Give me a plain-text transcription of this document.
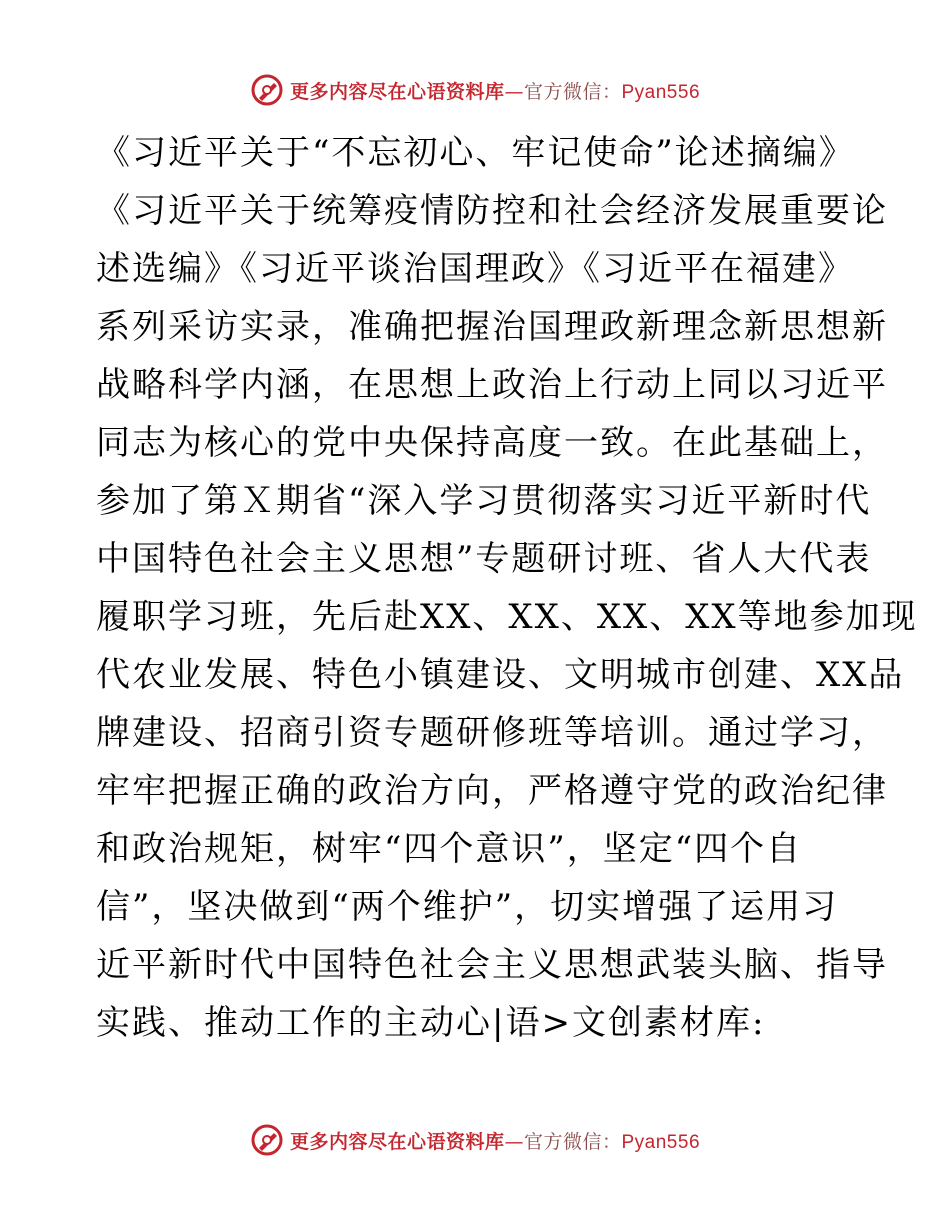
更多内容尽在心语资料库—官方微信：Pyan556
《习近平关于“不忘初心、牢记使命”论述摘编》
《习近平关于统筹疫情防控和社会经济发展重要论
述选编》《习近平谈治国理政》《习近平在福建》
系列采访实录，准确把握治国理政新理念新思想新
战略科学内涵，在思想上政治上行动上同以习近平
同志为核心的党中央保持高度一致。在此基础上，
参加了第Ｘ期省“深入学习贯彻落实习近平新时代
中国特色社会主义思想”专题研讨班、省人大代表
履职学习班，先后赴XX、XX、XX、XX等地参加现
代农业发展、特色小镇建设、文明城市创建、XX品
牌建设、招商引资专题研修班等培训。通过学习，
牢牢把握正确的政治方向，严格遵守党的政治纪律
和政治规矩，树牢“四个意识”，坚定“四个自
信”，坚决做到“两个维护”，切实增强了运用习
近平新时代中国特色社会主义思想武装头脑、指导
实践、推动工作的主动心|语>文创素材库:
更多内容尽在心语资料库—官方微信：Pyan556
